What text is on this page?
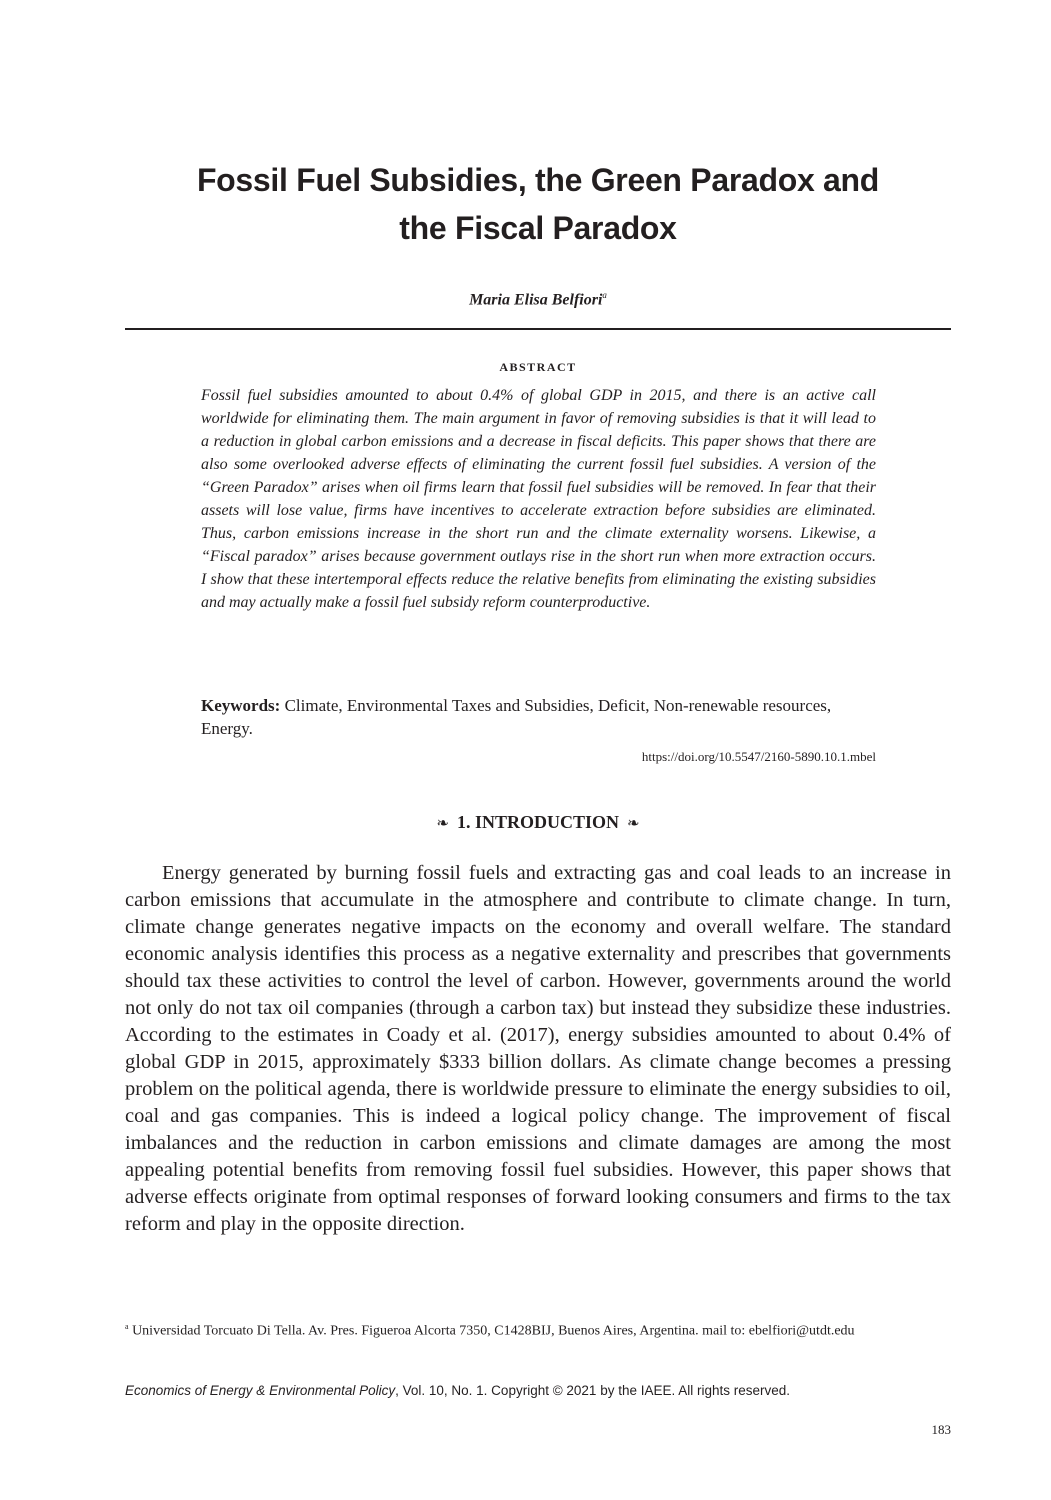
Fossil Fuel Subsidies, the Green Paradox and
the Fiscal Paradox
Maria Elisa Belfiori$^a$
ABSTRACT

Fossil fuel subsidies amounted to about 0.4% of global GDP in 2015, and there is an active call worldwide for eliminating them. The main argument in favor of removing subsidies is that it will lead to a reduction in global carbon emissions and a decrease in fiscal deficits. This paper shows that there are also some overlooked adverse effects of eliminating the current fossil fuel subsidies. A version of the “Green Paradox” arises when oil firms learn that fossil fuel subsidies will be removed. In fear that their assets will lose value, firms have incentives to accelerate extraction before subsidies are eliminated. Thus, carbon emissions increase in the short run and the climate externality worsens. Likewise, a “Fiscal paradox” arises because government outlays rise in the short run when more extraction occurs. I show that these intertemporal effects reduce the relative benefits from eliminating the existing subsidies and may actually make a fossil fuel subsidy reform counterproductive.

Keywords: Climate, Environmental Taxes and Subsidies, Deficit, Non-renewable resources, Energy.

https://doi.org/10.5547/2160-5890.10.1.mbel
❧ 1. INTRODUCTION ❧

Energy generated by burning fossil fuels and extracting gas and coal leads to an increase in carbon emissions that accumulate in the atmosphere and contribute to climate change. In turn, climate change generates negative impacts on the economy and overall welfare. The standard economic analysis identifies this process as a negative externality and prescribes that governments should tax these activities to control the level of carbon. However, governments around the world not only do not tax oil companies (through a carbon tax) but instead they subsidize these industries. According to the estimates in Coady et al. (2017), energy subsidies amounted to about 0.4% of global GDP in 2015, approximately $333 billion dollars. As climate change becomes a pressing problem on the political agenda, there is worldwide pressure to eliminate the energy subsidies to oil, coal and gas companies. This is indeed a logical policy change. The improvement of fiscal imbalances and the reduction in carbon emissions and climate damages are among the most appealing potential benefits from removing fossil fuel subsidies. However, this paper shows that adverse effects originate from optimal responses of forward looking consumers and firms to the tax reform and play in the opposite direction.

$^a$ Universidad Torcuato Di Tella. Av. Pres. Figueroa Alcorta 7350, C1428BIJ, Buenos Aires, Argentina. mail to: ebelfiori@utdt.edu

Economics of Energy & Environmental Policy, Vol. 10, No. 1. Copyright © 2021 by the IAEE. All rights reserved.
183
